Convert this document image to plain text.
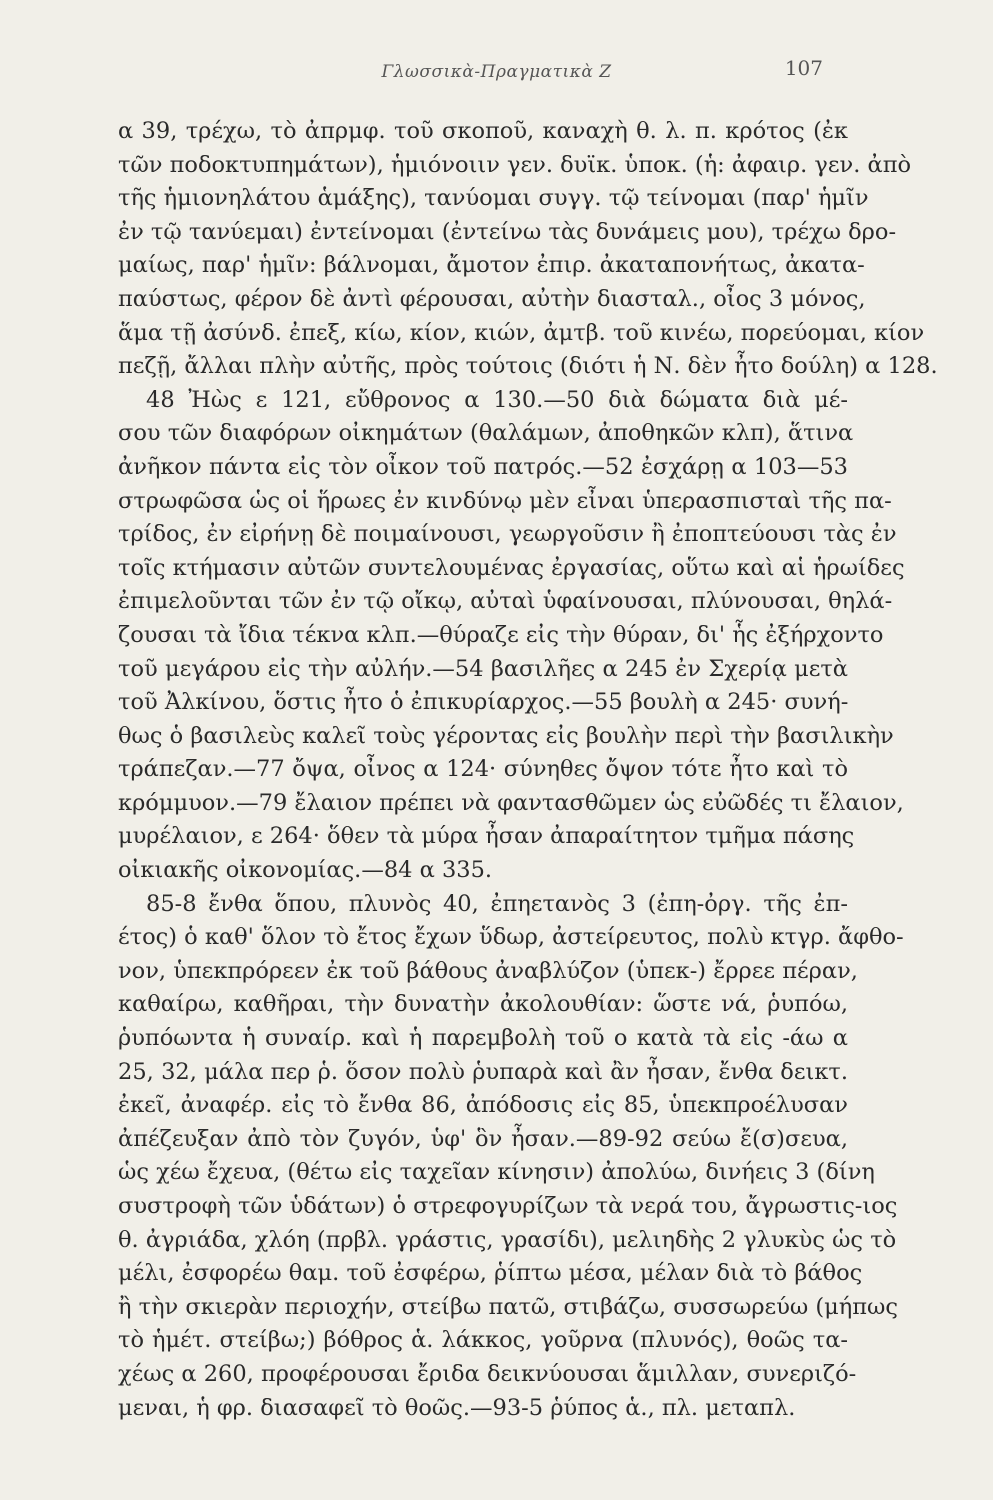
Γλωσσικὰ-Πραγματικὰ Ζ	107
α 39, τρέχω, τὸ ἀπρμφ. τοῦ σκοποῦ, καναχὴ θ. λ. π. κρότος (ἐκ
τῶν ποδοκτυπημάτων), ἡμιόνοιιν γεν. δυϊκ. ὑποκ. (ἡ: ἀφαιρ. γεν. ἀπὸ
τῆς ἡμιονηλάτου ἁμάξης), τανύομαι συγγ. τῷ τείνομαι (παρ' ἡμῖν
ἐν τῷ τανύεμαι) ἐντείνομαι (ἐντείνω τὰς δυνάμεις μου), τρέχω δρο-
μαίως, παρ' ἡμῖν: βάλνομαι, ἄμοτον ἐπιρ. ἀκαταπονήτως, ἀκατα-
παύστως, φέρον δὲ ἀντὶ φέρουσαι, αὐτὴν διασταλ., οἶος 3 μόνος,
ἅμα τῇ ἀσύνδ. ἐπεξ, κίω, κίον, κιών, ἀμτβ. τοῦ κινέω, πορεύομαι, κίον
πεζῇ, ἄλλαι πλὴν αὐτῆς, πρὸς τούτοις (διότι ἡ Ν. δὲν ἦτο δούλη) α 128.
48 Ἠὼς ε 121, εὔθρονος α 130.—50 διὰ δώματα διὰ μέ-
σου τῶν διαφόρων οἰκημάτων (θαλάμων, ἀποθηκῶν κλπ), ἅτινα
ἀνῆκον πάντα εἰς τὸν οἶκον τοῦ πατρός.—52 ἐσχάρῃ α 103—53
στρωφῶσα ὡς οἱ ἥρωες ἐν κινδύνῳ μὲν εἶναι ὑπερασπισταὶ τῆς πα-
τρίδος, ἐν εἰρήνῃ δὲ ποιμαίνουσι, γεωργοῦσιν ἢ ἐποπτεύουσι τὰς ἐν
τοῖς κτήμασιν αὐτῶν συντελουμένας ἐργασίας, οὕτω καὶ αἱ ἡρωίδες
ἐπιμελοῦνται τῶν ἐν τῷ οἴκῳ, αὐταὶ ὑφαίνουσαι, πλύνουσαι, θηλά-
ζουσαι τὰ ἴδια τέκνα κλπ.—θύραζε εἰς τὴν θύραν, δι' ἧς ἐξήρχοντο
τοῦ μεγάρου εἰς τὴν αὐλήν.—54 βασιλῆες α 245 ἐν Σχερίᾳ μετὰ
τοῦ Ἀλκίνου, ὅστις ἦτο ὁ ἐπικυρίαρχος.—55 βουλὴ α 245· συνή-
θως ὁ βασιλεὺς καλεῖ τοὺς γέροντας εἰς βουλὴν περὶ τὴν βασιλικὴν
τράπεζαν.—77 ὄψα, οἶνος α 124· σύνηθες ὄψον τότε ἦτο καὶ τὸ
κρόμμυον.—79 ἔλαιον πρέπει νὰ φαντασθῶμεν ὡς εὐῶδές τι ἔλαιον,
μυρέλαιον, ε 264· ὅθεν τὰ μύρα ἦσαν ἀπαραίτητον τμῆμα πάσης
οἰκιακῆς οἰκονομίας.—84 α 335.
85-8 ἔνθα ὅπου, πλυνὸς 40, ἐπηετανὸς 3 (ἐπη-ὀργ. τῆς ἐπ-
έτος) ὁ καθ' ὅλον τὸ ἔτος ἔχων ὕδωρ, ἀστείρευτος, πολὺ κτγρ. ἄφθο-
νον, ὑπεκπρόρεεν ἐκ τοῦ βάθους ἀναβλύζον (ὑπεκ-) ἔρρεε πέραν,
καθαίρω, καθῆραι, τὴν δυνατὴν ἀκολουθίαν: ὥστε νά, ῥυπόω,
ῥυπόωντα ἡ συναίρ. καὶ ἡ παρεμβολὴ τοῦ ο κατὰ τὰ εἰς -άω α
25, 32, μάλα περ ῥ. ὅσον πολὺ ῥυπαρὰ καὶ ἂν ἦσαν, ἔνθα δεικτ.
ἐκεῖ, ἀναφέρ. εἰς τὸ ἔνθα 86, ἀπόδοσις εἰς 85, ὑπεκπροέλυσαν
ἀπέζευξαν ἀπὸ τὸν ζυγόν, ὑφ' ὃν ἦσαν.—89-92 σεύω ἔ(σ)σευα,
ὡς χέω ἔχευα, (θέτω εἰς ταχεῖαν κίνησιν) ἀπολύω, δινήεις 3 (δίνη
συστροφὴ τῶν ὑδάτων) ὁ στρεφογυρίζων τὰ νερά του, ἄγρωστις-ιος
θ. ἀγριάδα, χλόη (πρβλ. γράστις, γρασίδι), μελιηδὴς 2 γλυκὺς ὡς τὸ
μέλι, ἐσφορέω θαμ. τοῦ ἐσφέρω, ῥίπτω μέσα, μέλαν διὰ τὸ βάθος
ἢ τὴν σκιερὰν περιοχήν, στείβω πατῶ, στιβάζω, συσσωρεύω (μήπως
τὸ ἡμέτ. στείβω;) βόθρος ἁ. λάκκος, γοῦρνα (πλυνός), θοῶς τα-
χέως α 260, προφέρουσαι ἔριδα δεικνύουσαι ἅμιλλαν, συνεριζό-
μεναι, ἡ φρ. διασαφεῖ τὸ θοῶς.—93-5 ῥύπος ἁ., πλ. μεταπλ.
